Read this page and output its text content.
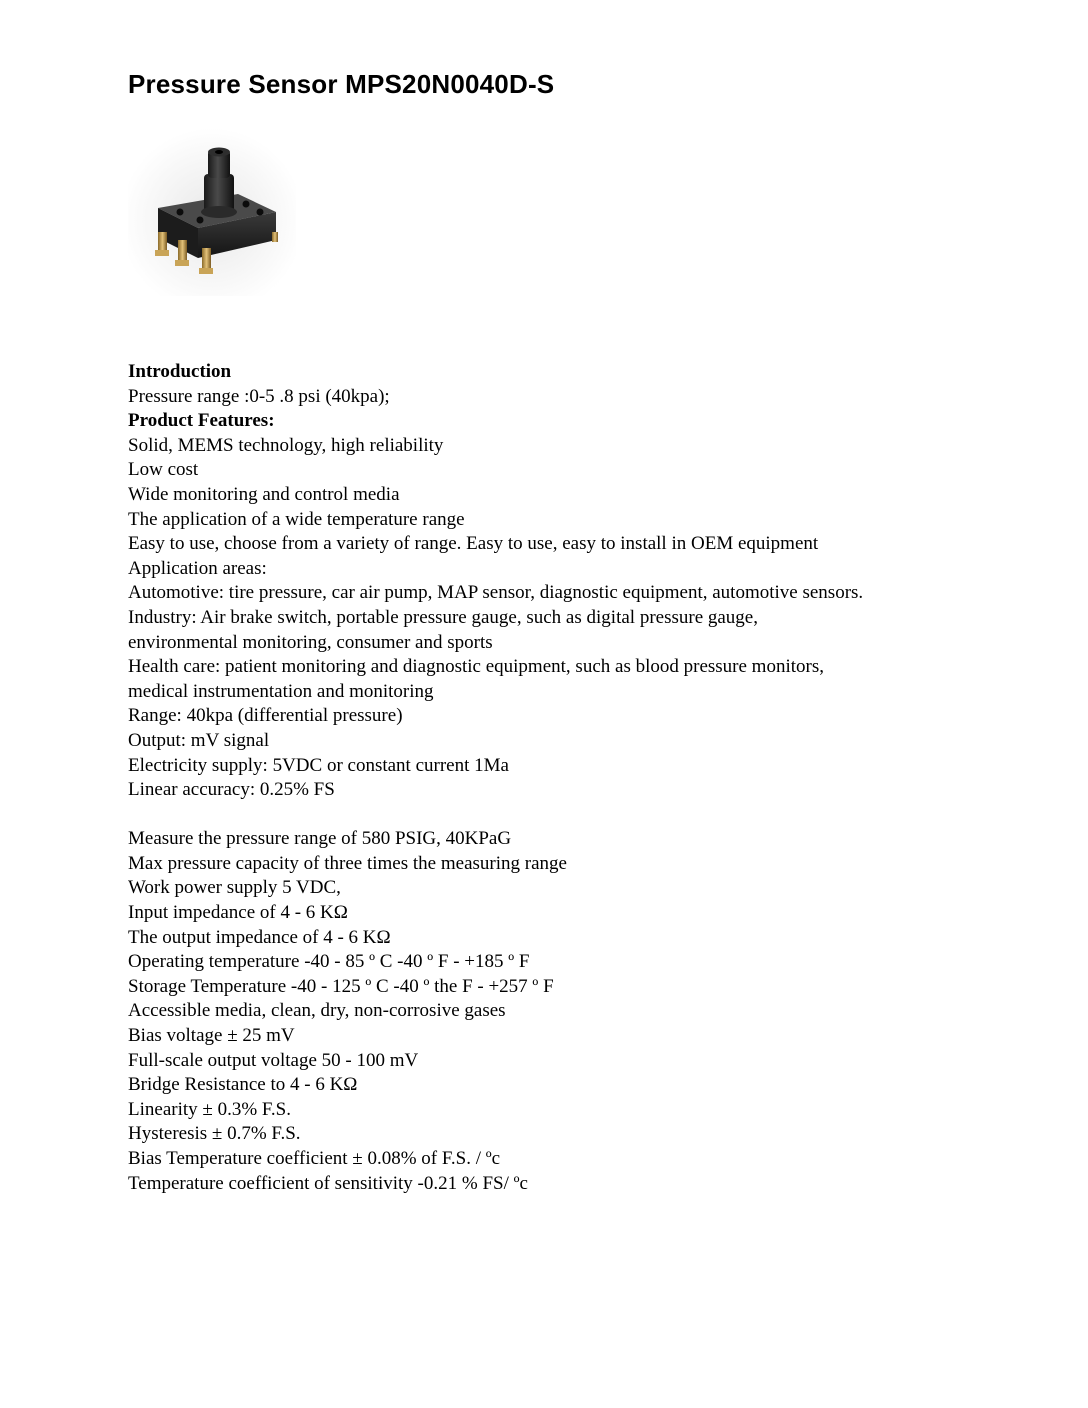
Pressure Sensor MPS20N0040D-S

Introduction

Pressure range :0-5 .8 psi (40kpa);

Product Features:

Solid, MEMS technology, high reliability

Low cost

Wide monitoring and control media

The application of a wide temperature range

Easy to use, choose from a variety of range. Easy to use, easy to install in OEM equipment

Application areas:

Automotive: tire pressure, car air pump, MAP sensor, diagnostic equipment, automotive sensors.

Industry: Air brake switch, portable pressure gauge, such as digital pressure gauge,

environmental monitoring, consumer and sports

Health care: patient monitoring and diagnostic equipment, such as blood pressure monitors,

medical instrumentation and monitoring

Range: 40kpa (differential pressure)

Output: mV signal

Electricity supply: 5VDC or constant current 1Ma

Linear accuracy: 0.25% FS

Measure the pressure range of 580 PSIG, 40KPaG

Max pressure capacity of three times the measuring range

Work power supply 5 VDC,

Input impedance of 4 - 6 KΩ

The output impedance of 4 - 6 KΩ

Operating temperature -40 - 85 º C -40 º F - +185 º F

Storage Temperature -40 - 125 º C -40 º the F - +257 º F

Accessible media, clean, dry, non-corrosive gases

Bias voltage ± 25 mV

Full-scale output voltage 50 - 100 mV

Bridge Resistance to 4 - 6 KΩ

Linearity ± 0.3% F.S.

Hysteresis ± 0.7% F.S.

Bias Temperature coefficient ± 0.08% of F.S. / ºc

Temperature coefficient of sensitivity -0.21 % FS/ ºc
